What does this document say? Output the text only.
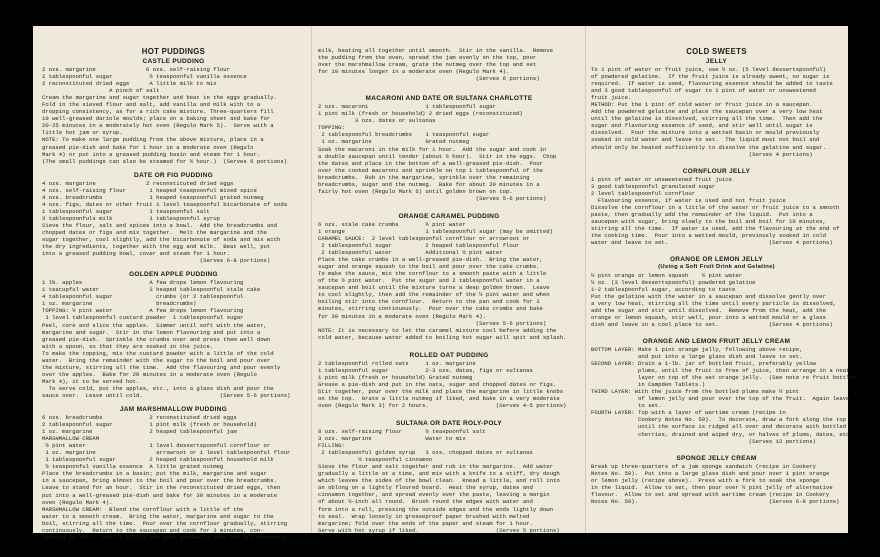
HOT PUDDINGS
CASTLE PUDDING
2 ozs. margarine               6 ozs. self-raising flour
2 tablespoonful sugar           ½ teaspoonful vanilla essence
2 reconstituted dried eggs      A little milk to mix
A pinch of salt
Cream the margarine and sugar together and beat in the eggs gradually.
Fold in the sieved flour and salt, add vanilla and milk with to a
dropping consistency, as for a rich cake mixture. Three-quarters fill
10 well-greased dariole moulds; place on a baking sheet and bake for
20-25 minutes in a moderately hot oven (Regulo Mark 5).  Serve with a
little hot jam or syrup.
NOTE: To make one large pudding from the above mixture, place in a
greased pie-dish and bake for 1 hour in a moderate oven (Regulo
Mark 4) or put into a greased pudding basin and steam for 1 hour.
(The small puddings can also be steamed for ½ hour.)  (Serves 6 portions)
DATE OR FIG PUDDING
4 ozs. margarine               2 reconstituted dried eggs
4 ozs. self-raising flour       1 heaped teaspoonful mixed spice
4 ozs. breadcrumbs              1 heaped teaspoonful grated nutmeg
4 ozs. figs, dates or other fruit 1 level teaspoonful bicarbonate of soda
1 tablespoonful sugar           1 teaspoonful salt
3 tablespoonfuls milk           1 tablespoonful syrup
Sieve the flour, salt and spices into a bowl.  Add the breadcrumbs and
chopped dates or figs and mix together.  Melt the margarine and the
sugar together, cool slightly, add the bicarbonate of soda and mix with
the dry ingredients, together with the egg and milk.  Beat well, put
into a greased pudding bowl, cover and steam for 1 hour.
(Serves 6-8 portions)
GOLDEN APPLE PUDDING
1 lb. apples                    A few drops lemon flavouring
1 teacupful water               3 heaped tablespoonful stale cake
4 tablespoonful sugar             crumbs (or 2 tablespoonful
1 oz. margarine                   breadcrumbs)
TOPPING: ½ pint water           A few drops lemon flavouring
1 level tablespoonful custard powder  1 tablespoonful sugar
Peel, core and slice the apples.  Simmer until soft with the water,
margarine and sugar.  Stir in the lemon flavouring and put into a
greased pie-dish.  Sprinkle the crumbs over and press them well down
with a spoon, so that they are soaked in the juice.
To make the topping, mix the custard powder with a little of the cold
water.  Bring the remainder with the sugar to the boil and pour over
the mixture, stirring all the time.  Add the flavouring and pour evenly
over the apples.  Bake for 20 minutes in a moderate oven (Regulo
Mark 4), it to be served hot.
To serve cold, put the apples, etc., into a glass dish and pour the
sauce over.  Leave until cold.                       (Serves 5-6 portions)
JAM MARSHMALLOW PUDDING
6 ozs. breadcrumbs              2 reconstituted dried eggs
2 tablespoonful sugar           1 pint milk (fresh or household)
1 oz. margarine                 2 heaped tablespoonful jam
MARSHMALLOW CREAM
½ pint water                   1 level dessertspoonful cornflour or
1 oz. margarine                  arrowroot or 1 level tablespoonful flour
1 tablespoonful sugar          2 heaped tablespoonful household milk
½ teaspoonful vanilla essence  A little grated nutmeg
Place the breadcrumbs in a basin; put the milk, margarine and sugar
in a saucepan, bring almost to the boil and pour over the breadcrumbs.
Leave to stand for an hour.  Stir in the reconstituted dried eggs, then
put into a well-greased pie-dish and bake for 30 minutes in a moderate
oven (Regulo Mark 4).
MARSHMALLOW CREAM:  Blend the cornflour with a little of the
water to a smooth cream.  Bring the water, margarine and sugar to the
boil, stirring all the time.  Pour over the cornflour gradually, stirring
continuously.  Return to the saucepan and cook for 3 minutes, con-
tinuing to stir.  Cool a little and pour gradually over the dry household
milk, beating all together until smooth.  Stir in the vanilla.  Remove
the pudding from the oven, spread the jam evenly on the top, pour
over the marshmallow cream, grate the nutmeg over the top and set
for 10 minutes longer in a moderate oven (Regulo Mark 4).
(Serves 6 portions)
MACARONI AND DATE OR SULTANA CHARLOTTE
2 ozs. macaroni                 1 tablespoonful sugar
1 pint milk (fresh or household) 2 dried eggs (reconstituted)
3 ozs. dates or sultanas
TOPPING:
2 tablespoonful breadcrumbs    1 teaspoonful sugar
1 oz. margarine                Grated nutmeg
Soak the macaroni in the milk for 1 hour.  Add the sugar and cook in
a double saucepan until tender (about ½ hour).  Stir in the eggs.  Chop
the dates and place in the bottom of a well-greased pie-dish.  Pour
over the cooked macaroni and sprinkle on top 1 tablespoonful of the
breadcrumbs.  Rub in the margarine, sprinkle over the remaining
breadcrumbs, sugar and the nutmeg.  Bake for about 20 minutes in a
fairly hot oven (Regulo Mark 6) until golden brown on top.
(Serves 5-6 portions)
ORANGE CARAMEL PUDDING
6 ozs. stale cake crumbs        ½ pint water
1 orange                        1 tablespoonful sugar (may be omitted)
CARAMEL SAUCE:  2 level tablespoonful cornflour or arrowroot or
2 tablespoonful sugar          2 heaped tablespoonful flour
2 tablespoonful water          Additional ½ pint water
Place the cake crumbs in a well-greased pie-dish.  Bring the water,
sugar and orange squash to the boil and pour over the cake crumbs.
To make the sauce, mix the cornflour to a smooth paste with a little
of the ½ pint water.  Put the sugar and 2 tablespoonful water in a
saucepan and boil until the mixture turns a deep golden brown.  Leave
to cool slightly, then add the remainder of the ½ pint water and when
boiling stir into the cornflour.  Return to the pan and cook for 3
minutes, stirring continuously.  Pour over the cake crumbs and bake
for 30 minutes in a moderate oven (Regulo Mark 4).
(Serves 5-6 portions)
NOTE: It is necessary to let the caramel mixture cool before adding the
cold water, because water added to boiling hot sugar will spit and splash.
ROLLED OAT PUDDING
2 tablespoonful rolled oats     1 oz. margarine
1 tablespoonful sugar           2-3 ozs. dates, figs or sultanas
1 pint milk (fresh or household) Grated nutmeg
Grease a pie-dish and put in the oats, sugar and chopped dates or figs.
Stir together, pour over the milk and place the margarine in little knobs
on the top.  Grate a little nutmeg if liked, and bake in a very moderate
oven (Regulo Mark 3) for 2 hours.                    (Serves 4-5 portions)
SULTANA OR DATE ROLY-POLY
8 ozs. self-raising flour       ½ teaspoonful salt
3 ozs. margarine                Water to mix
FILLING:
2 tablespoonful golden syrup   3 ozs. chopped dates or sultanas
½ teaspoonful cinnamon
Sieve the flour and salt together and rub in the margarine.  Add water
gradually a little at a time, and mix with a knife to a stiff, dry dough
which leaves the sides of the bowl clean.  Knead a little, and roll into
an oblong on a lightly floured board.  Heat the syrup, dates and
cinnamon together, and spread evenly over the paste, leaving a margin
of about ½-inch all round.  Brush round the edges with water and
form into a roll, pressing the outside edges and the ends lightly down
to seal.  Wrap loosely in greaseproof paper brushed with melted
margarine; fold over the ends of the paper and steam for 1 hour.
Serve with hot syrup if liked.                       (Serves 5 portions)
COLD SWEETS
JELLY
To 1 pint of water or fruit juice, use ½ oz. (5 level dessertspoonful)
of powdered gelatine.  If the fruit juice is already sweet, no sugar is
required.  If water is used, flavouring essence should be added to taste
and 3 good tablespoonful of sugar to 1 pint of water or unsweetened
fruit juice.
METHOD: Put the 1 pint of cold water or fruit juice in a saucepan.
Add the powdered gelatine and place the saucepan over a very low heat
until the gelatine is dissolved, stirring all the time.  Then add the
sugar and flavouring essence if used, and stir well until sugar is
dissolved.  Pour the mixture into a wetted basin or mould previously
soaked in cold water and leave to set.  The liquid must not boil and
should only be heated sufficiently to dissolve the gelatine and sugar.
(Serves 4 portions)
CORNFLOUR JELLY
1 pint of water or unsweetened fruit juice
3 good tablespoonful granulated sugar
2 level tablespoonful cornflour
Flavouring essence, if water is used and not fruit juice
Dissolve the cornflour in a little of the water or fruit juice to a smooth
paste, then gradually add the remainder of the liquid.  Put into a
saucepan with sugar, bring slowly to the boil and boil for 10 minutes,
stirring all the time.  If water is used, add the flavouring at the end of
the cooking time.  Pour into a wetted mould, previously soaked in cold
water and leave to set.                              (Serves 4 portions)
ORANGE OR LEMON JELLY
(Using a Soft Fruit Drink and Gelatine)
½ pint orange or lemon squash    ½ pint water
½ oz. (3 level dessertspoonful) powdered gelatine
1-2 tablespoonful sugar, according to taste
Put the gelatine with the water in a saucepan and dissolve gently over
a very low heat, stirring all the time until every particle is dissolved,
add the sugar and stir until dissolved.  Remove from the heat, add the
orange or lemon squash, stir well, pour into a wetted mould or a glass
dish and leave in a cool place to set.               (Serves 4 portions)
ORANGE AND LEMON FRUIT JELLY CREAM
BOTTOM LAYER: Make 1 pint orange jelly, following above recipe,
and put into a large glass dish and leave to set.
SECOND LAYER: Drain a 1-lb. jar of bottled fruit, preferably yellow
plums, until the fruit is free of juice, then arrange in a neat
layer on top of the set orange jelly.  (See note re fruit bottled
in Campden Tablets.)
THIRD LAYER: With the juice from the bottled plums make ½ pint
of lemon jelly and pour over the top of the fruit.  Again leave
to set.
FOURTH LAYER: Top with a layer of wartime cream (recipe in
Cookery Notes No. 59).  To decorate, draw a fork along the top
until the surface is ridged all over and decorate with bottled
cherries, drained and wiped dry, or halves of plums, dates, etc.
(Serves 12 portions)
SPONGE JELLY CREAM
Break up three-quarters of a jam sponge sandwich (recipe in Cookery
Notes No. 59).  Put into a large glass dish and pour over 1 pint orange
or lemon jelly (recipe above).  Press with a fork to soak the sponge
in the liquid.  Allow to set, then pour over ½ pint jelly of alternative
flavour.  Allow to set and spread with wartime cream (recipe in Cookery
Notes No. 59).                                       (Serves 6-8 portions)
